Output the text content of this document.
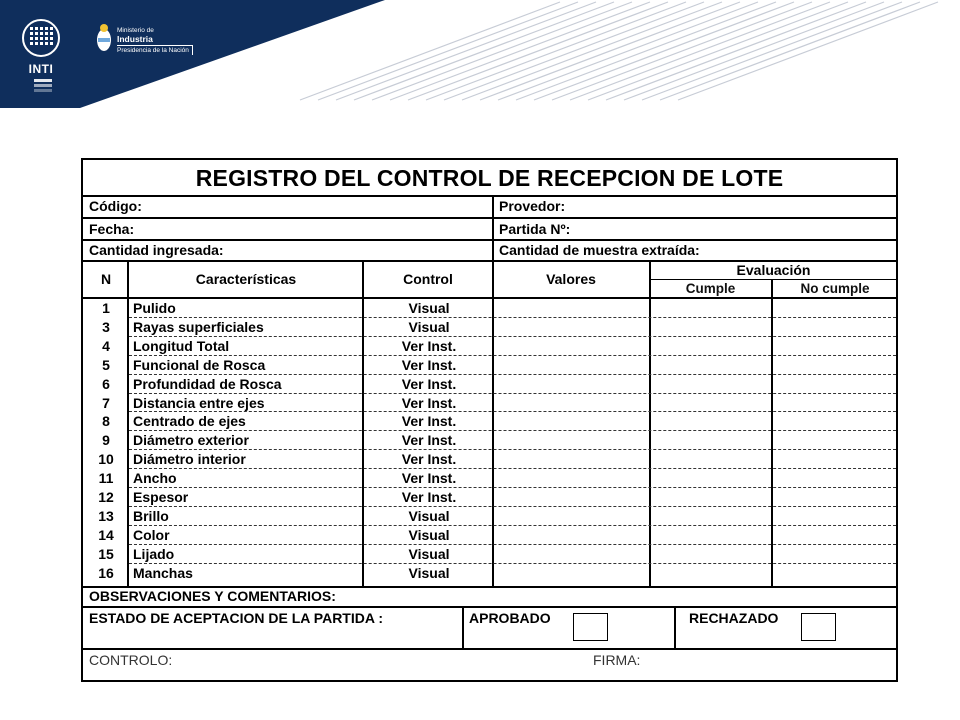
INTI
Ministerio de
Industria
Presidencia de la Nación
REGISTRO DEL CONTROL DE RECEPCION DE LOTE
Código:	Provedor:
Fecha:	Partida Nº:
Cantidad ingresada:	Cantidad de muestra extraída:
N	Características	Control	Valores
Evaluación
Cumple	No cumple
1	Pulido	Visual
3	Rayas superficiales	Visual
4	Longitud Total	Ver Inst.
5	Funcional de Rosca	Ver Inst.
6	Profundidad de Rosca	Ver Inst.
7	Distancia entre ejes	Ver Inst.
8	Centrado de ejes	Ver Inst.
9	Diámetro exterior	Ver Inst.
10	Diámetro interior	Ver Inst.
11	Ancho	Ver Inst.
12	Espesor	Ver Inst.
13	Brillo	Visual
14	Color	Visual
15	Lijado	Visual
16	Manchas	Visual
OBSERVACIONES Y COMENTARIOS:
ESTADO DE ACEPTACION DE LA PARTIDA :	APROBADO	RECHAZADO
CONTROLO:	FIRMA:
